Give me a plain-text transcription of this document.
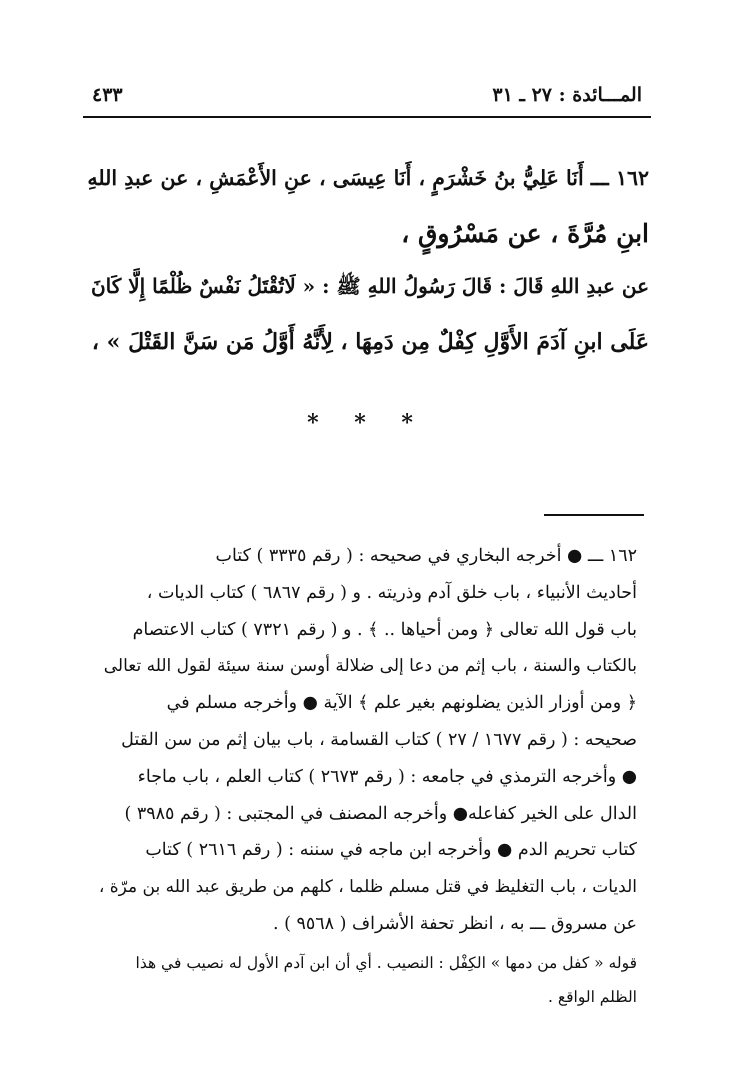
المـــائدة : ٢٧ ـ ٣١
٤٣٣
١٦٢ ـــ أَنَا عَلِيُّ بنُ خَشْرَمٍ ، أَنَا عِيسَى ، عنِ الأَعْمَشِ ، عن عبدِ اللهِ
ابنِ مُرَّةَ ، عن مَسْرُوقٍ ،
عن عبدِ اللهِ قَالَ : قَالَ رَسُولُ اللهِ ﷺ : « لَاتُقْتَلُ نَفْسٌ ظُلْمًا إِلَّا كَانَ
عَلَى ابنِ آدَمَ الأَوَّلِ كِفْلٌ مِن دَمِهَا ، لِأَنَّهُ أَوَّلُ مَن سَنَّ القَتْلَ » ،
* * *
١٦٢ ـــ ● أخرجه البخاري في صحيحه : ( رقم ٣٣٣٥ ) كتاب
أحاديث الأنبياء ، باب خلق آدم وذريته . و ( رقم ٦٨٦٧ ) كتاب الديات ،
باب قول الله تعالى ﴿ ومن أحياها .. ﴾ . و ( رقم ٧٣٢١ ) كتاب الاعتصام
بالكتاب والسنة ، باب إثم من دعا إلى ضلالة أوسن سنة سيئة لقول الله تعالى
﴿ ومن أوزار الذين يضلونهم بغير علم ﴾ الآية ● وأخرجه مسلم في
صحيحه : ( رقم ١٦٧٧ / ٢٧ ) كتاب القسامة ، باب بيان إثم من سن القتل
● وأخرجه الترمذي في جامعه : ( رقم ٢٦٧٣ ) كتاب العلم ، باب ماجاء
الدال على الخير كفاعله● وأخرجه المصنف في المجتبى : ( رقم ٣٩٨٥ )
كتاب تحريم الدم ● وأخرجه ابن ماجه في سننه : ( رقم ٢٦١٦ ) كتاب
الديات ، باب التغليظ في قتل مسلم ظلما ، كلهم من طريق عبد الله بن مرّة ،
عن مسروق ـــ به ، انظر تحفة الأشراف ( ٩٥٦٨ ) .
قوله « كفل من دمها » الكِفْل : النصيب . أي أن ابن آدم الأول له نصيب في هذا
الظلم الواقع .
